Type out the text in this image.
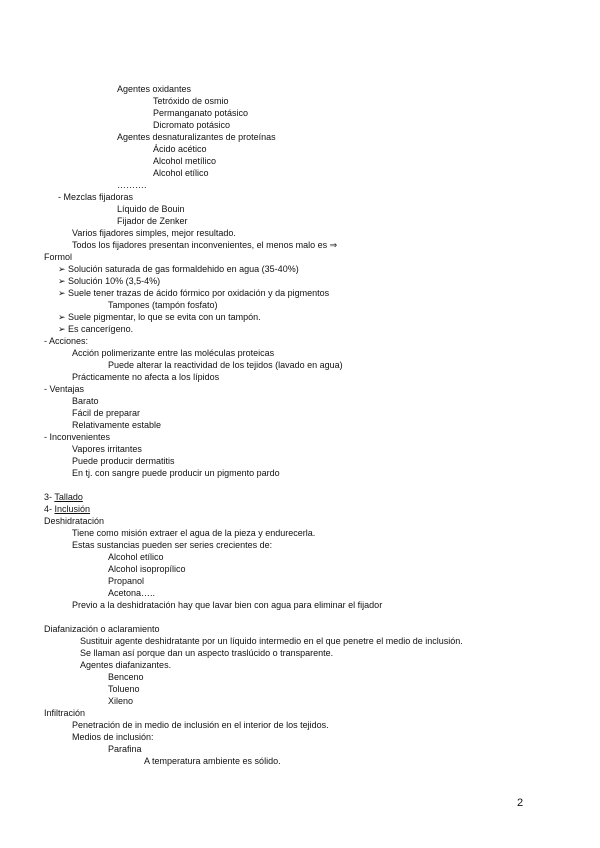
Agentes oxidantes
Tetróxido de osmio
Permanganato potásico
Dicromato potásico
Agentes desnaturalizantes de proteínas
Ácido acético
Alcohol metílico
Alcohol etílico
……….
- Mezclas fijadoras
Líquido de Bouin
Fijador de Zenker
Varios fijadores simples, mejor resultado.
Todos los fijadores presentan inconvenientes, el menos malo es ⇒
Formol
➢ Solución saturada de gas formaldehido en agua (35-40%)
➢ Solución 10% (3,5-4%)
➢ Suele tener trazas de ácido fórmico por oxidación y da pigmentos
Tampones (tampón fosfato)
➢ Suele pigmentar, lo que se evita con un tampón.
➢ Es cancerígeno.
- Acciones:
Acción polimerizante entre las moléculas proteicas
Puede alterar la reactividad de los tejidos (lavado en agua)
Prácticamente no afecta a los lípidos
- Ventajas
Barato
Fácil de preparar
Relativamente estable
- Inconvenientes
Vapores irritantes
Puede producir dermatitis
En tj. con sangre puede producir un pigmento pardo
3- Tallado
4- Inclusión
Deshidratación
Tiene como misión extraer el agua de la pieza y endurecerla.
Estas sustancias pueden ser series crecientes de:
Alcohol etílico
Alcohol isopropílico
Propanol
Acetona…..
Previo a la deshidratación hay que lavar bien con agua para eliminar el fijador
Diafanización o aclaramiento
Sustituir agente deshidratante por un líquido intermedio en el que penetre el medio de inclusión.
Se llaman así porque dan un aspecto traslúcido o transparente.
Agentes diafanizantes.
Benceno
Tolueno
Xileno
Infiltración
Penetración de in medio de inclusión en el interior de los tejidos.
Medios de inclusión:
Parafina
A temperatura ambiente es sólido.
2
